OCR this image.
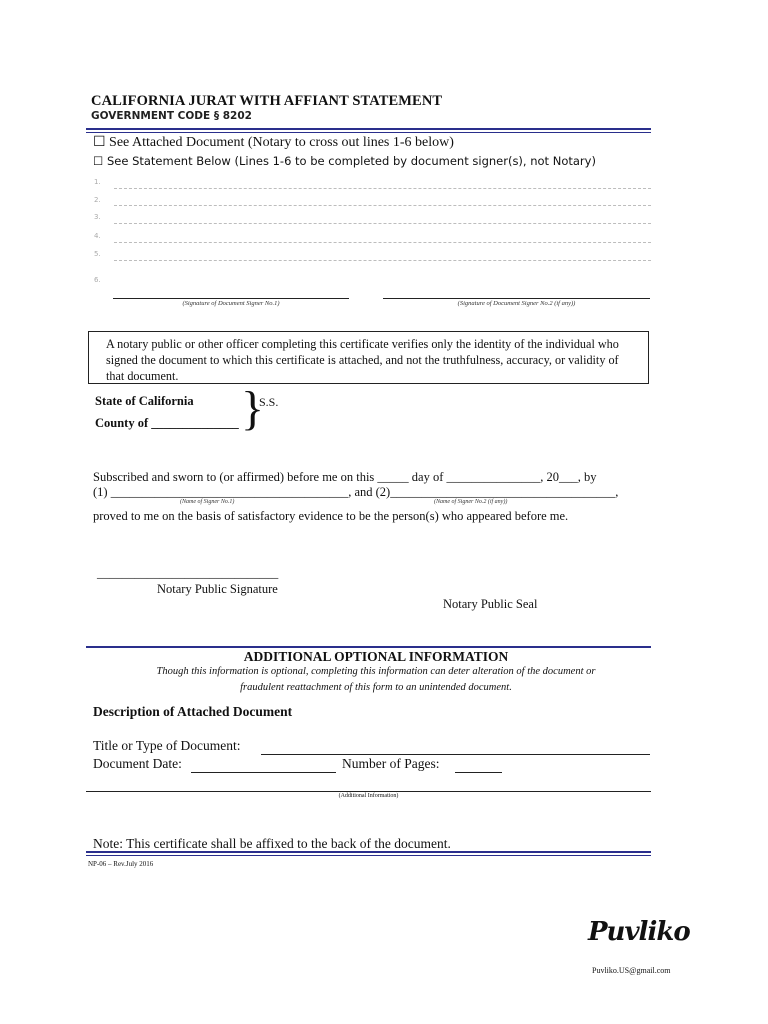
CALIFORNIA JURAT WITH AFFIANT STATEMENT
GOVERNMENT CODE § 8202
☐ See Attached Document (Notary to cross out lines 1-6 below)
☐ See Statement Below (Lines 1-6 to be completed by document signer(s), not Notary)
1.
2.
3.
4.
5.
6.
(Signature of Document Signer No.1)	(Signature of Document Signer No.2 (if any))
A notary public or other officer completing this certificate verifies only the identity of the individual who signed the document to which this certificate is attached, and not the truthfulness, accuracy, or validity of that document.
State of California
County of ______________ }
S.S.
Subscribed and sworn to (or affirmed) before me on this _____ day of _______________, 20___, by
(1) ______________________________________, and (2)____________________________________,
(Name of Signer No.1)	(Name of Signer No.2 (if any))
proved to me on the basis of satisfactory evidence to be the person(s) who appeared before me.
_____________________________
Notary Public Signature
Notary Public Seal
ADDITIONAL OPTIONAL INFORMATION
Though this information is optional, completing this information can deter alteration of the document or
fraudulent reattachment of this form to an unintended document.
Description of Attached Document
Title or Type of Document:
Document Date:	Number of Pages:
(Additional Information)
Note: This certificate shall be affixed to the back of the document.
NP-06 – Rev.July 2016
Puvliko
Puvliko.US@gmail.com
